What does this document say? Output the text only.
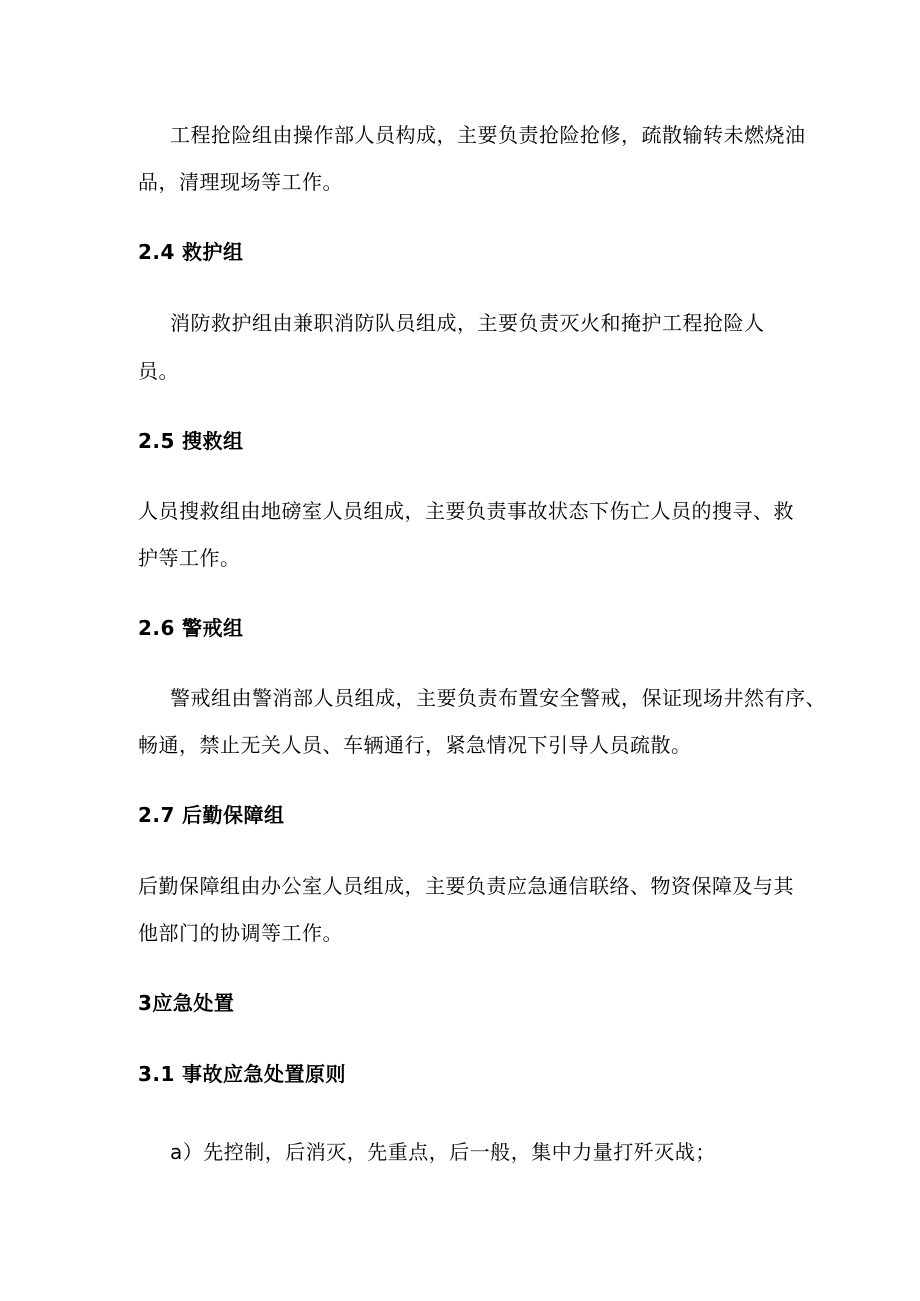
工程抢险组由操作部人员构成，主要负责抢险抢修，疏散输转未燃烧油
品，清理现场等工作。
2.4 救护组
消防救护组由兼职消防队员组成，主要负责灭火和掩护工程抢险人
员。
2.5 搜救组
人员搜救组由地磅室人员组成，主要负责事故状态下伤亡人员的搜寻、救
护等工作。
2.6 警戒组
警戒组由警消部人员组成，主要负责布置安全警戒，保证现场井然有序、
畅通，禁止无关人员、车辆通行，紧急情况下引导人员疏散。
2.7 后勤保障组
后勤保障组由办公室人员组成，主要负责应急通信联络、物资保障及与其
他部门的协调等工作。
3应急处置
3.1 事故应急处置原则
a）先控制，后消灭，先重点，后一般，集中力量打歼灭战；
